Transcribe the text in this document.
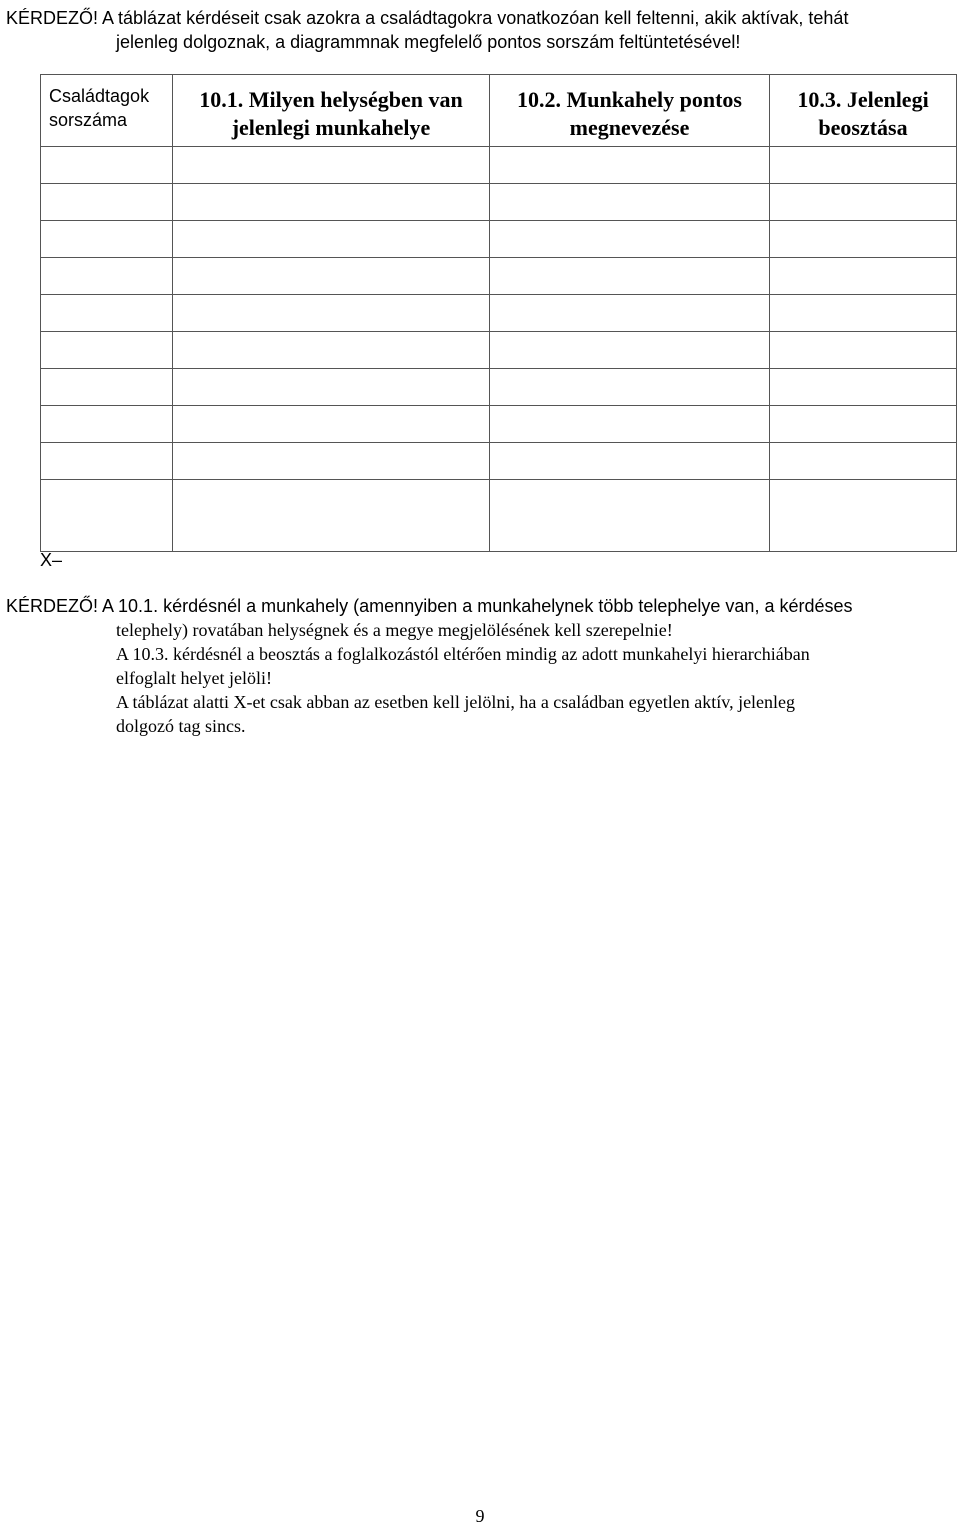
KÉRDEZŐ! A táblázat kérdéseit csak azokra a családtagokra vonatkozóan kell feltenni, akik aktívak, tehát
jelenleg dolgoznak, a diagrammnak megfelelő pontos sorszám feltüntetésével!
Családtagok sorszáma	10.1. Milyen helységben van jelenlegi munkahelye	10.2. Munkahely pontos megnevezése	10.3. Jelenlegi beosztása

X–
KÉRDEZŐ! A 10.1. kérdésnél a munkahely (amennyiben a munkahelynek több telephelye van, a kérdéses
telephely) rovatában helységnek és a megye megjelölésének kell szerepelnie!
A 10.3. kérdésnél a beosztás a foglalkozástól eltérően mindig az adott munkahelyi hierarchiában
elfoglalt helyet jelöli!
A táblázat alatti X-et csak abban az esetben kell jelölni, ha a családban egyetlen aktív, jelenleg
dolgozó tag sincs.
9
